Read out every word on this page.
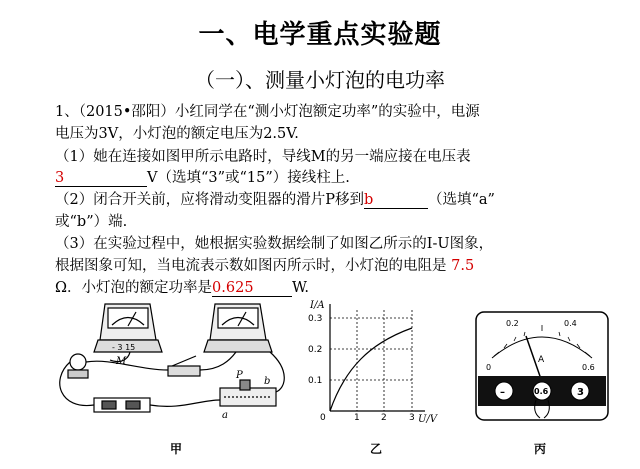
一、电学重点实验题
（一）、测量小灯泡的电功率
1、（2015•邵阳）小红同学在“测小灯泡额定功率”的实验中，电源
电压为3V，小灯泡的额定电压为2.5V.
（1）她在连接如图甲所示电路时，导线M的另一端应接在电压表
3	V（选填“3”或“15”）接线柱上.
（2）闭合开关前，应将滑动变阻器的滑片P移到b	（选填“a”
或“b”）端.
（3）在实验过程中，她根据实验数据绘制了如图乙所示的I-U图象，
根据图象可知，当电流表示数如图丙所示时，小灯泡的电阻是 7.5
Ω．小灯泡的额定功率是0.625	W.
- 3 15
M
P
a
b
甲
I/A
U/V
0.3
0.2
0.1
0	1 2 3
乙
0.2	0.4
0	0.6
A
–	0.6	3
丙
